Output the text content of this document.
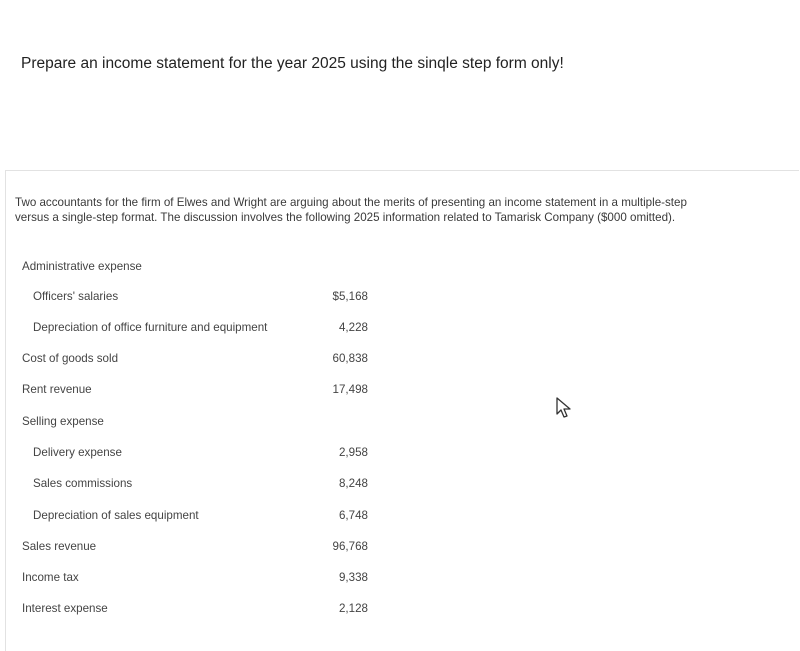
Prepare an income statement for the year 2025 using the sinqle step form only!

Two accountants for the firm of Elwes and Wright are arguing about the merits of presenting an income statement in a multiple-step

versus a single-step format. The discussion involves the following 2025 information related to Tamarisk Company ($000 omitted).

Administrative expense
Officers' salaries	$5,168
Depreciation of office furniture and equipment	4,228
Cost of goods sold	60,838
Rent revenue	17,498
Selling expense
Delivery expense	2,958
Sales commissions	8,248
Depreciation of sales equipment	6,748
Sales revenue	96,768
Income tax	9,338
Interest expense	2,128
